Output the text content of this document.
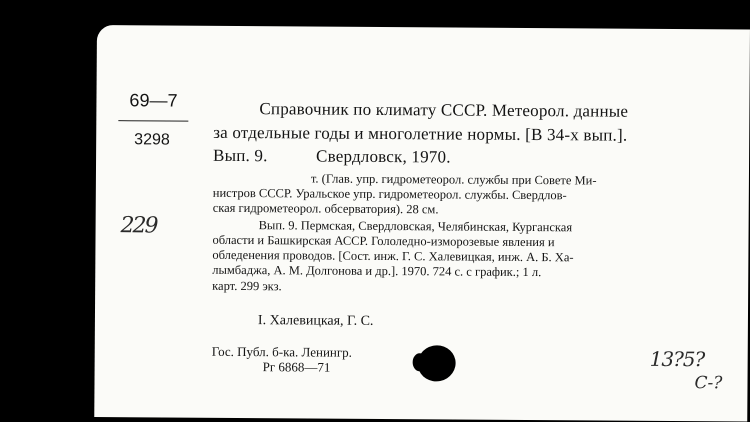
69—7
3298
229
Справочник по климату СССР. Метеорол. данные
за отдельные годы и многолетние нормы. [В 34-х вып.].
Вып. 9.	Свердловск, 1970.
т. (Глав. упр. гидрометеорол. службы при Совете Ми-
нистров СССР. Уральское упр. гидрометеорол. службы. Свердлов-
ская гидрометеорол. обсерватория). 28 см.
Вып. 9. Пермская, Свердловская, Челябинская, Курганская
области и Башкирская АССР. Гололедно-изморозевые явления и
обледенения проводов. [Сост. инж. Г. С. Халевицкая, инж. А. Б. Ха-
лымбаджа, А. М. Долгонова и др.]. 1970. 724 с. с график.; 1 л.
карт. 299 экз.
I. Халевицкая, Г. С.
Гос. Публ. б-ка. Ленингр.
Рг 6868—71	13?5?
C-?
